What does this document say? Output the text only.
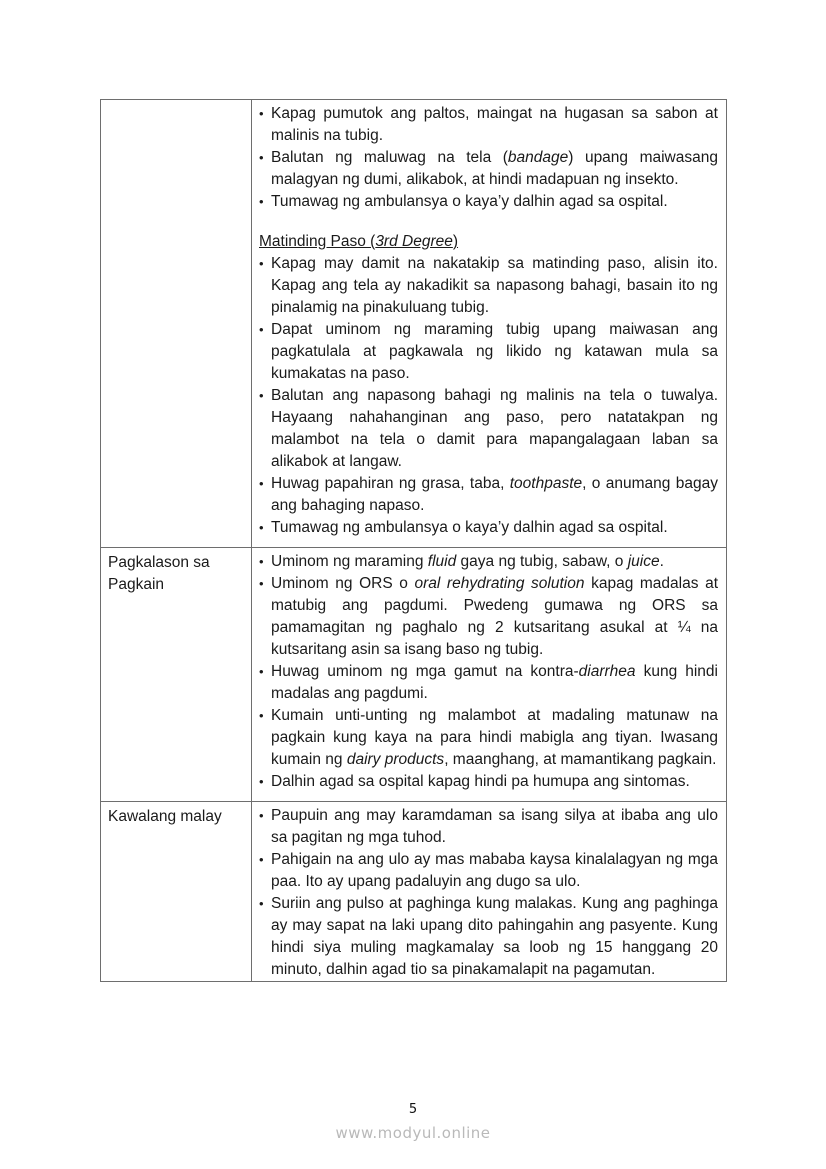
• Kapag pumutok ang paltos, maingat na hugasan sa sabon at malinis na tubig.
• Balutan ng maluwag na tela (bandage) upang maiwasang malagyan ng dumi, alikabok, at hindi madapuan ng insekto.
• Tumawag ng ambulansya o kaya’y dalhin agad sa ospital.
Matinding Paso (3rd Degree)
• Kapag may damit na nakatakip sa matinding paso, alisin ito. Kapag ang tela ay nakadikit sa napasong bahagi, basain ito ng pinalamig na pinakuluang tubig.
• Dapat uminom ng maraming tubig upang maiwasan ang pagkatulala at pagkawala ng likido ng katawan mula sa kumakatas na paso.
• Balutan ang napasong bahagi ng malinis na tela o tuwalya. Hayaang nahahanginan ang paso, pero natatakpan ng malambot na tela o damit para mapangalagaan laban sa alikabok at langaw.
• Huwag papahiran ng grasa, taba, toothpaste, o anumang bagay ang bahaging napaso.
• Tumawag ng ambulansya o kaya’y dalhin agad sa ospital.

Pagkalason sa Pagkain

• Uminom ng maraming fluid gaya ng tubig, sabaw, o juice.
• Uminom ng ORS o oral rehydrating solution kapag madalas at matubig ang pagdumi. Pwedeng gumawa ng ORS sa pamamagitan ng paghalo ng 2 kutsaritang asukal at ¼ na kutsaritang asin sa isang baso ng tubig.
• Huwag uminom ng mga gamut na kontra-diarrhea kung hindi madalas ang pagdumi.
• Kumain unti-unting ng malambot at madaling matunaw na pagkain kung kaya na para hindi mabigla ang tiyan. Iwasang kumain ng dairy products, maanghang, at mamantikang pagkain.
• Dalhin agad sa ospital kapag hindi pa humupa ang sintomas.

Kawalang malay

•Paupuin ang may karamdaman sa isang silya at ibaba ang ulo sa pagitan ng mga tuhod.
• Pahigain na ang ulo ay mas mababa kaysa kinalalagyan ng mga paa. Ito ay upang padaluyin ang dugo sa ulo.
• Suriin ang pulso at paghinga kung malakas. Kung ang paghinga ay may sapat na laki upang dito pahingahin ang pasyente. Kung hindi siya muling magkamalay sa loob ng 15 hanggang 20 minuto, dalhin agad tio sa pinakamalapit na pagamutan.
5
www.modyul.online
